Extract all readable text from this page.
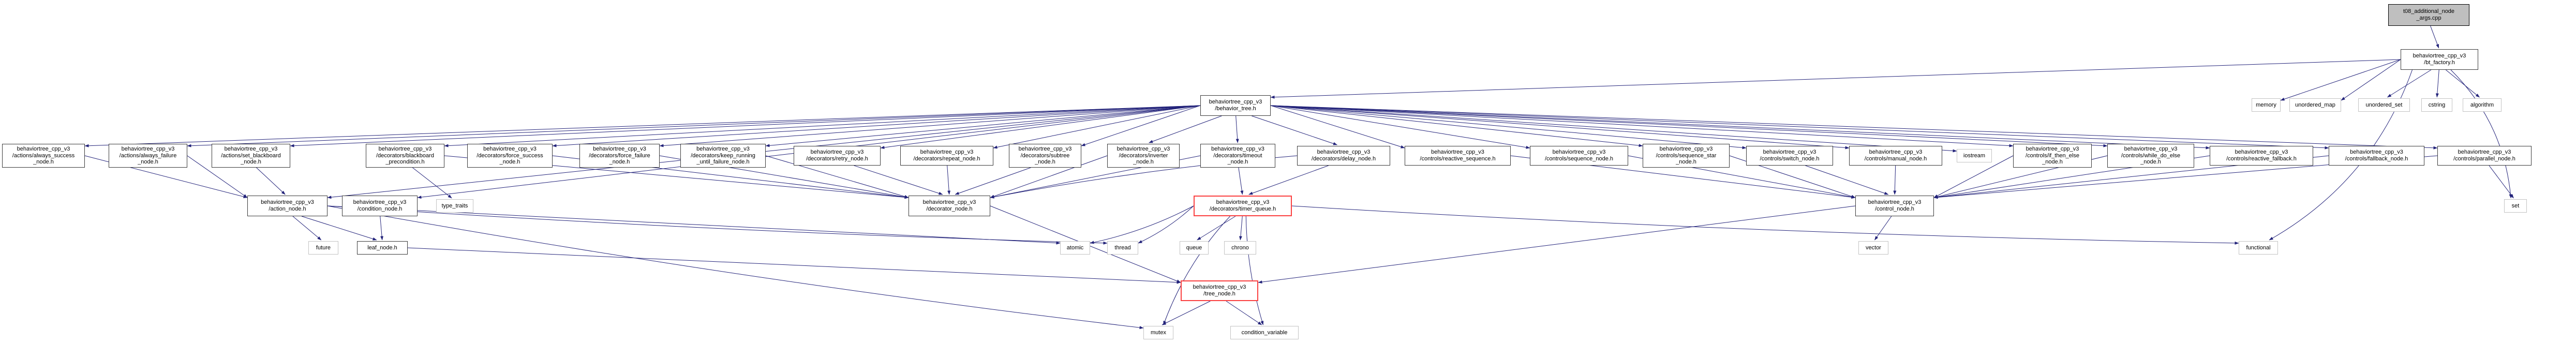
t08_additional_node
_args.cpp
behaviortree_cpp_v3
/bt_factory.h
behaviortree_cpp_v3
/behavior_tree.h
memory	unordered_map	unordered_set	cstring	algorithm
behaviortree_cpp_v3
/actions/always_success
_node.h
behaviortree_cpp_v3
/actions/always_failure
_node.h
behaviortree_cpp_v3
/actions/set_blackboard
_node.h
behaviortree_cpp_v3
/decorators/blackboard
_precondition.h
behaviortree_cpp_v3
/decorators/force_success
_node.h
behaviortree_cpp_v3
/decorators/force_failure
_node.h
behaviortree_cpp_v3
/decorators/keep_running
_until_failure_node.h
behaviortree_cpp_v3
/decorators/retry_node.h
behaviortree_cpp_v3
/decorators/repeat_node.h
behaviortree_cpp_v3
/decorators/subtree
_node.h
behaviortree_cpp_v3
/decorators/inverter
_node.h
behaviortree_cpp_v3
/decorators/timeout
_node.h
behaviortree_cpp_v3
/decorators/delay_node.h
behaviortree_cpp_v3
/controls/reactive_sequence.h
behaviortree_cpp_v3
/controls/sequence_node.h
behaviortree_cpp_v3
/controls/sequence_star
_node.h
behaviortree_cpp_v3
/controls/switch_node.h
behaviortree_cpp_v3
/controls/manual_node.h
iostream
behaviortree_cpp_v3
/controls/if_then_else
_node.h
behaviortree_cpp_v3
/controls/while_do_else
_node.h
behaviortree_cpp_v3
/controls/reactive_fallback.h
behaviortree_cpp_v3
/controls/fallback_node.h
behaviortree_cpp_v3
/controls/parallel_node.h
behaviortree_cpp_v3
/action_node.h
behaviortree_cpp_v3
/condition_node.h
type_traits
behaviortree_cpp_v3
/decorator_node.h
behaviortree_cpp_v3
/decorators/timer_queue.h
behaviortree_cpp_v3
/control_node.h
future	leaf_node.h	atomic	thread	queue	chrono	vector	functional
set
behaviortree_cpp_v3
/tree_node.h
mutex	condition_variable
